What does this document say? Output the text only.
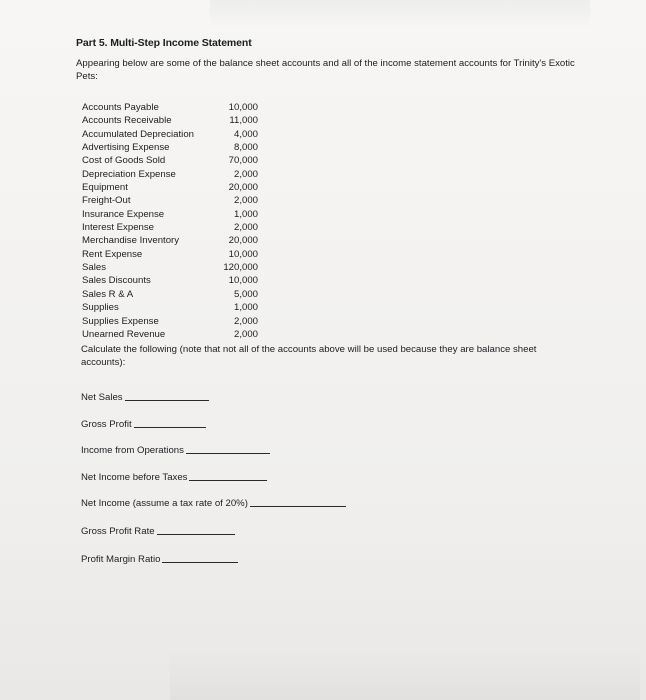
Part 5. Multi-Step Income Statement
Appearing below are some of the balance sheet accounts and all of the income statement accounts for Trinity's Exotic Pets:
Accounts Payable	10,000
Accounts Receivable	11,000
Accumulated Depreciation	4,000
Advertising Expense	8,000
Cost of Goods Sold	70,000
Depreciation Expense	2,000
Equipment	20,000
Freight-Out	2,000
Insurance Expense	1,000
Interest Expense	2,000
Merchandise Inventory	20,000
Rent Expense	10,000
Sales	120,000
Sales Discounts	10,000
Sales R & A	5,000
Supplies	1,000
Supplies Expense	2,000
Unearned Revenue	2,000
Calculate the following (note that not all of the accounts above will be used because they are balance sheet accounts):
Net Sales
Gross Profit
Income from Operations
Net Income before Taxes
Net Income (assume a tax rate of 20%)
Gross Profit Rate
Profit Margin Ratio
